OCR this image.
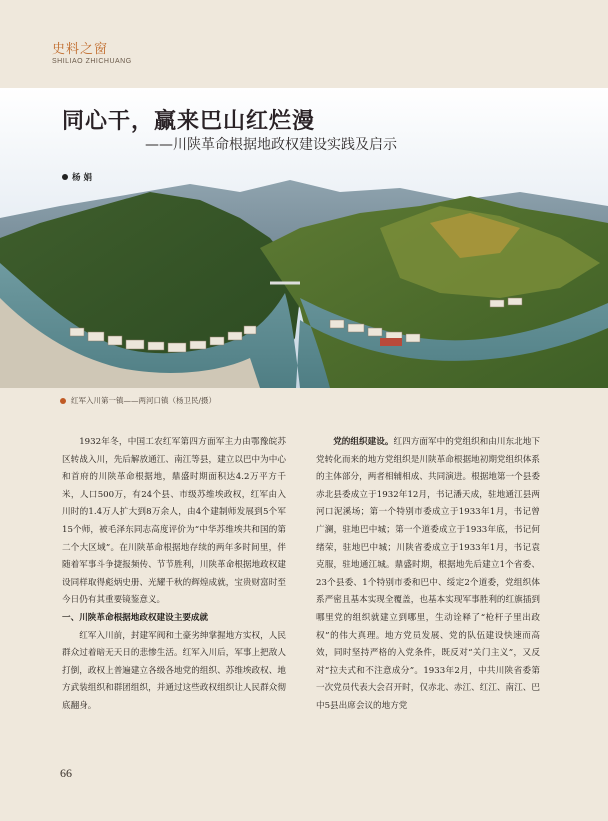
史料之窗
SHILIAO ZHICHUANG
同心干，赢来巴山红烂漫
——川陕革命根据地政权建设实践及启示
杨 娟
红军入川第一镇——两河口镇（杨卫民/摄）

1932年冬，中国工农红军第四方面军主力由鄂豫皖苏区转战入川，先后解放通江、南江等县，建立以巴中为中心和首府的川陕革命根据地，鼎盛时期面积达4.2万平方千米，人口500万，有24个县、市级苏维埃政权，红军由入川时的1.4万人扩大到8万余人，由4个建制师发展到5个军15个师，被毛泽东同志高度评价为“中华苏维埃共和国的第二个大区域”。在川陕革命根据地存续的两年多时间里，伴随着军事斗争捷报频传、节节胜利，川陕革命根据地政权建设同样取得彪炳史册、光耀千秋的辉煌成就，宝贵财富时至今日仍有其重要镜鉴意义。

一、川陕革命根据地政权建设主要成就

红军入川前，封建军阀和土豪劣绅掌握地方实权，人民群众过着暗无天日的悲惨生活。红军入川后，军事上把敌人打倒，政权上普遍建立各级各地党的组织、苏维埃政权、地方武装组织和群团组织，并通过这些政权组织让人民群众彻底翻身。

党的组织建设。红四方面军中的党组织和由川东北地下党转化而来的地方党组织是川陕革命根据地初期党组织体系的主体部分，两者相辅相成、共同演进。根据地第一个县委赤北县委成立于1932年12月，书记潘天成，驻地通江县两河口泥溪场；第一个特别市委成立于1933年1月，书记曾广澜，驻地巴中城；第一个道委成立于1933年底，书记何绪荣，驻地巴中城；川陕省委成立于1933年1月，书记袁克服，驻地通江城。鼎盛时期，根据地先后建立1个省委、23个县委、1个特别市委和巴中、绥定2个道委，党组织体系严密且基本实现全覆盖，也基本实现军事胜利的红旗插到哪里党的组织就建立到哪里，生动诠释了“枪杆子里出政权”的伟大真理。地方党员发展、党的队伍建设快速而高效，同时坚持严格的入党条件，既反对“关门主义”，又反对“拉夫式和不注意成分”。1933年2月，中共川陕省委第一次党员代表大会召开时，仅赤北、赤江、红江、南江、巴中5县出席会议的地方党

66
